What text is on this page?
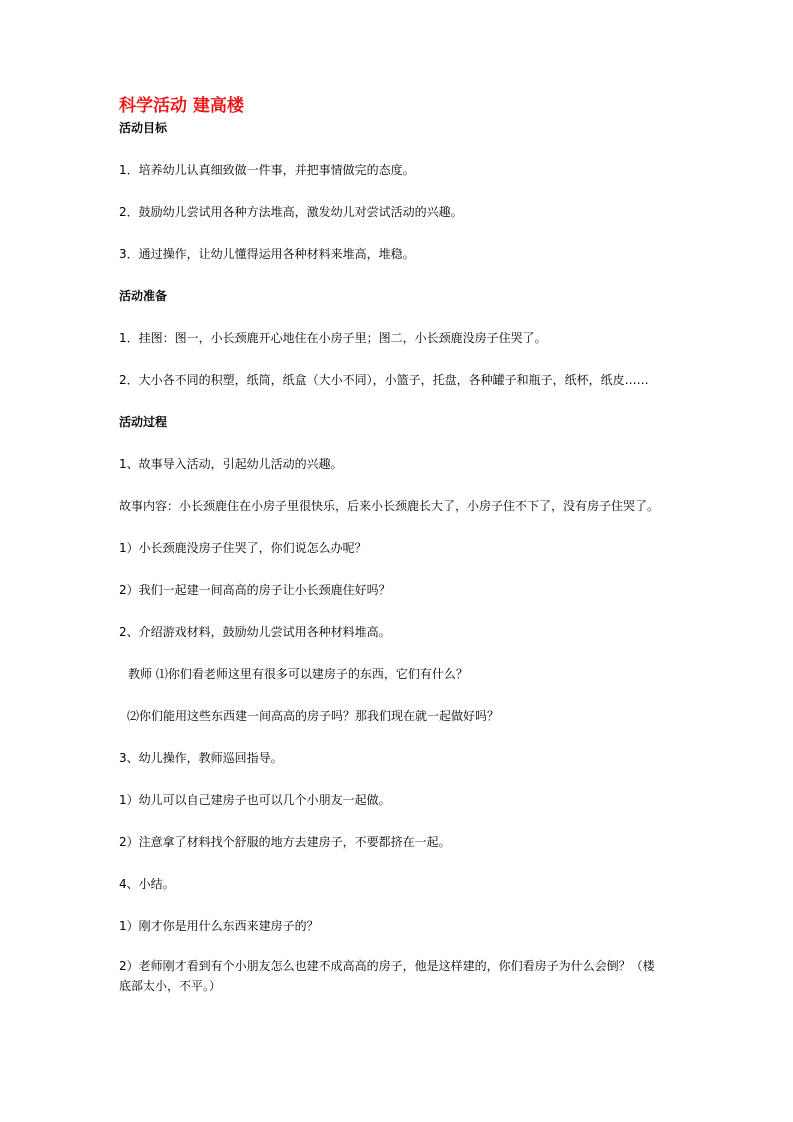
科学活动 建高楼
活动目标

1．培养幼儿认真细致做一件事，并把事情做完的态度。

2．鼓励幼儿尝试用各种方法堆高，激发幼儿对尝试活动的兴趣。

3．通过操作，让幼儿懂得运用各种材料来堆高，堆稳。

活动准备

1．挂图：图一，小长颈鹿开心地住在小房子里；图二，小长颈鹿没房子住哭了。

2．大小各不同的积塑，纸筒，纸盒（大小不同），小篮子，托盘，各种罐子和瓶子，纸杯，纸皮……

活动过程

1、故事导入活动，引起幼儿活动的兴趣。

故事内容：小长颈鹿住在小房子里很快乐，后来小长颈鹿长大了，小房子住不下了，没有房子住哭了。

1）小长颈鹿没房子住哭了，你们说怎么办呢？

2）我们一起建一间高高的房子让小长颈鹿住好吗？

2、介绍游戏材料，鼓励幼儿尝试用各种材料堆高。

教师 ⑴你们看老师这里有很多可以建房子的东西，它们有什么？

⑵你们能用这些东西建一间高高的房子吗？那我们现在就一起做好吗？

3、幼儿操作，教师巡回指导。

1）幼儿可以自己建房子也可以几个小朋友一起做。

2）注意拿了材料找个舒服的地方去建房子，不要都挤在一起。

4、小结。

1）刚才你是用什么东西来建房子的？

2）老师刚才看到有个小朋友怎么也建不成高高的房子，他是这样建的，你们看房子为什么会倒？（楼底部太小，不平。）
